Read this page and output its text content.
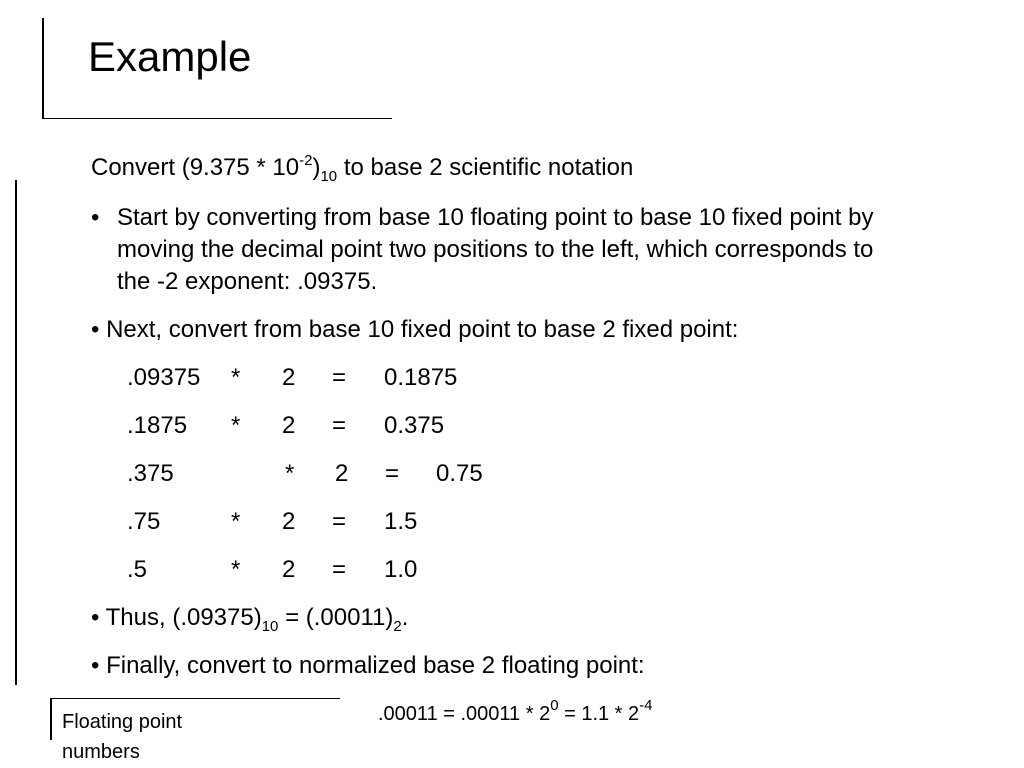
Example
Convert $(9.375 * 10^{-2})_{10}$ to base 2 scientific notation
• Start by converting from base 10 floating point to base 10 fixed point by
moving the decimal point two positions to the left, which corresponds to
the -2 exponent: .09375.
• Next, convert from base 10 fixed point to base 2 fixed point:
.09375 * 2 = 0.1875
.1875 * 2 = 0.375
.375	* 2 = 0.75
.75	* 2 = 1.5
.5	* 2 = 1.0
• Thus, $(.09375)_{10} = (.00011)_2$.
• Finally, convert to normalized base 2 floating point:
$.00011 = .00011 * 2^0 = 1.1 * 2^{-4}$
Floating point
numbers
